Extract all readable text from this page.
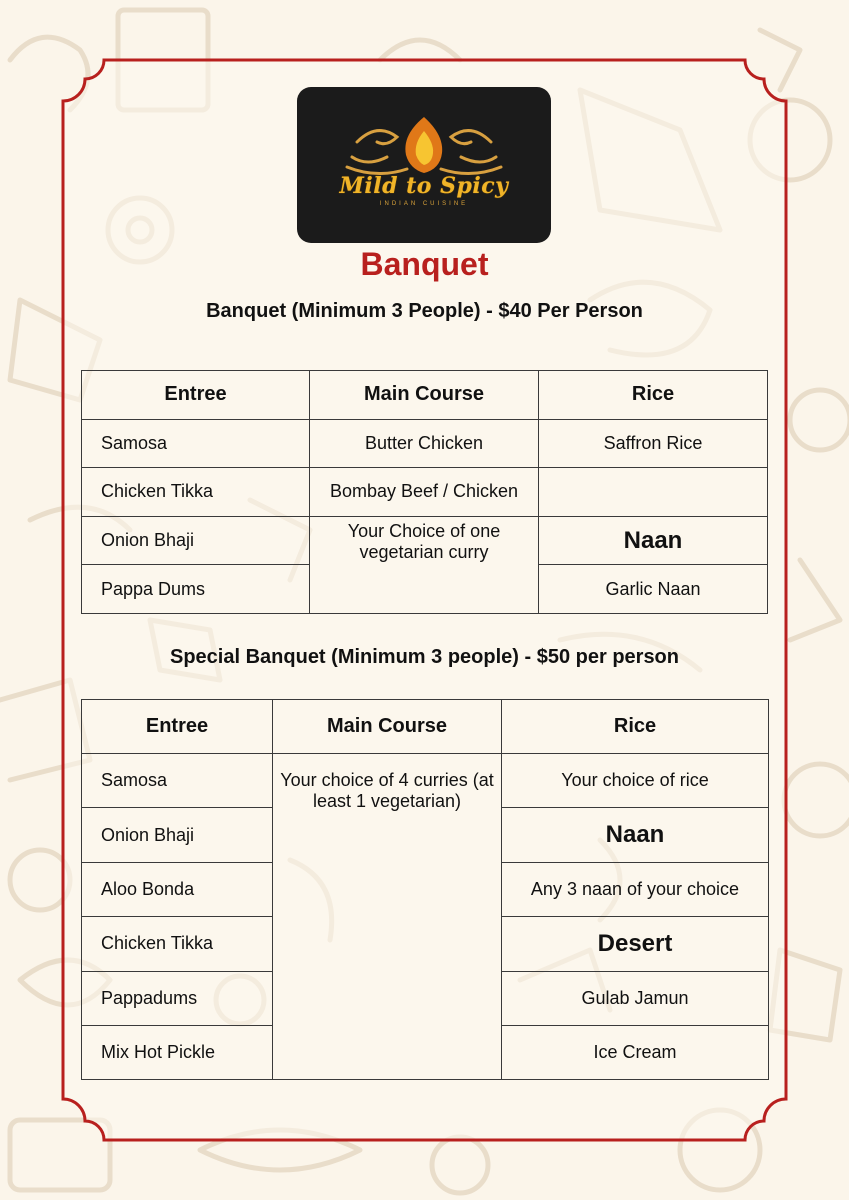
Mild to Spicy
INDIAN CUISINE
Banquet
Banquet (Minimum 3 People) - $40 Per Person
Entree	Main Course	Rice
Samosa	Butter Chicken	Saffron Rice
Chicken Tikka	Bombay Beef / Chicken	
Onion Bhaji	Your Choice of one vegetarian curry	Naan
Pappa Dums		Garlic Naan
Special Banquet (Minimum 3 people) - $50 per person
Entree	Main Course	Rice
Samosa	Your choice of 4 curries (at least 1 vegetarian)	Your choice of rice
Onion Bhaji		Naan
Aloo Bonda		Any 3 naan of your choice
Chicken Tikka		Desert
Pappadums		Gulab Jamun
Mix Hot Pickle		Ice Cream
